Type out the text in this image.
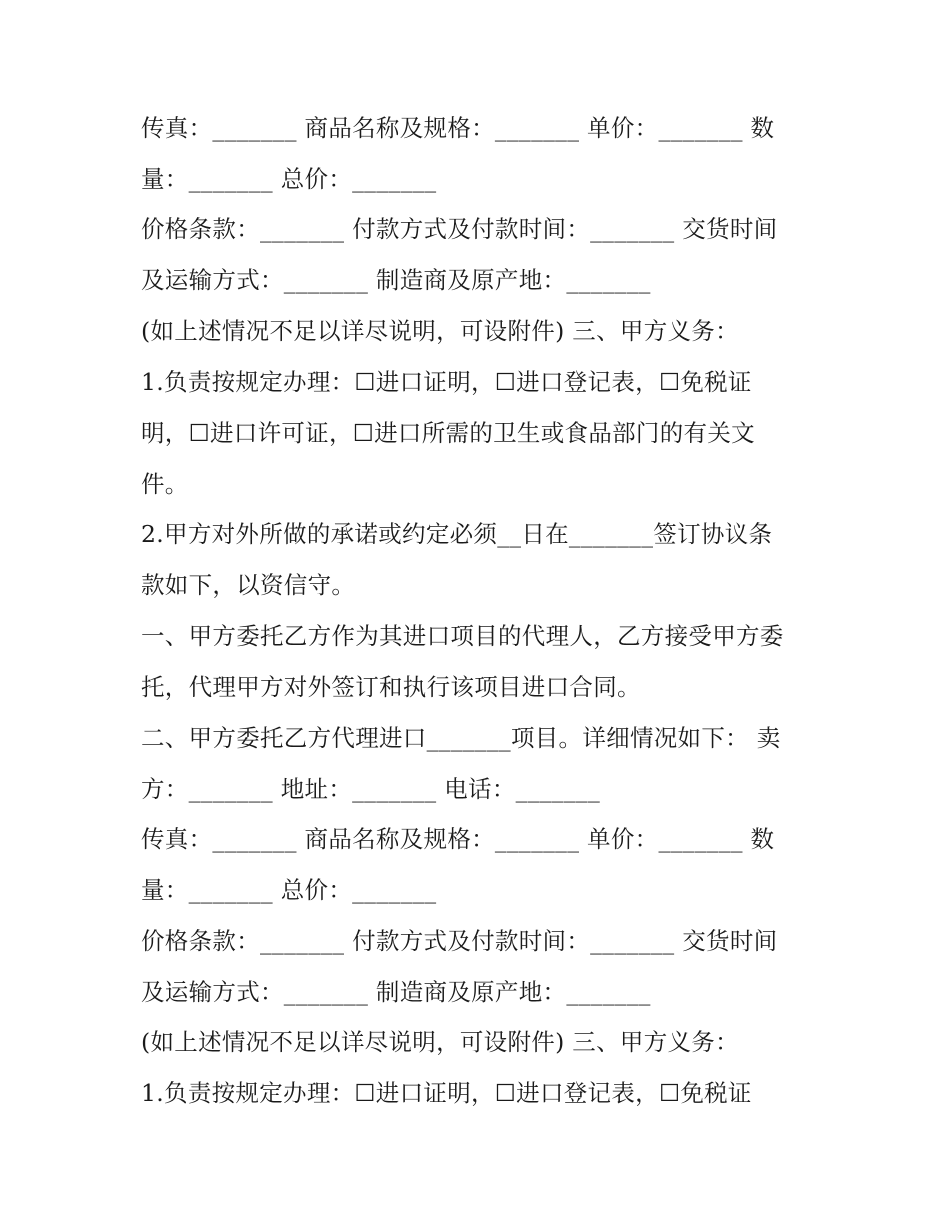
传真：_______ 商品名称及规格：_______ 单价：_______ 数
量：_______ 总价：_______
价格条款：_______ 付款方式及付款时间：_______ 交货时间
及运输方式：_______ 制造商及原产地：_______
(如上述情况不足以详尽说明，可设附件) 三、甲方义务：
1.负责按规定办理：☐进口证明，☐进口登记表，☐免税证
明，☐进口许可证，☐进口所需的卫生或食品部门的有关文
件。
2.甲方对外所做的承诺或约定必须__日在_______签订协议条
款如下，以资信守。
一、甲方委托乙方作为其进口项目的代理人，乙方接受甲方委
托，代理甲方对外签订和执行该项目进口合同。
二、甲方委托乙方代理进口_______项目。详细情况如下： 卖
方：_______ 地址：_______ 电话：_______
传真：_______ 商品名称及规格：_______ 单价：_______ 数
量：_______ 总价：_______
价格条款：_______ 付款方式及付款时间：_______ 交货时间
及运输方式：_______ 制造商及原产地：_______
(如上述情况不足以详尽说明，可设附件) 三、甲方义务：
1.负责按规定办理：☐进口证明，☐进口登记表，☐免税证
